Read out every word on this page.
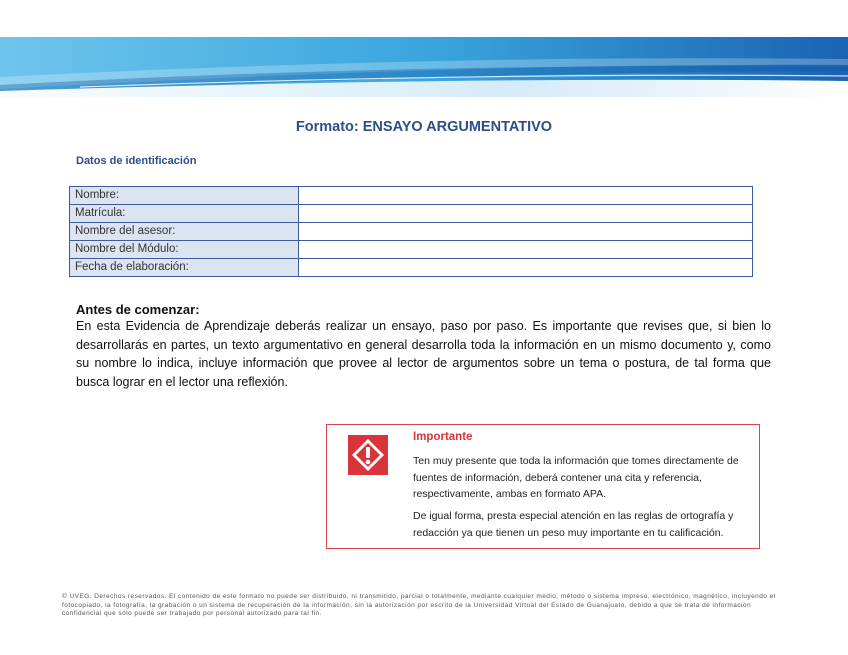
Formato: ENSAYO ARGUMENTATIVO
Datos de identificación
Nombre:	
Matrícula:	
Nombre del asesor:	
Nombre del Módulo:	
Fecha de elaboración:	
Antes de comenzar:

En esta Evidencia de Aprendizaje deberás realizar un ensayo, paso por paso. Es importante que revises que, si bien lo desarrollarás en partes, un texto argumentativo en general desarrolla toda la información en un mismo documento y, como su nombre lo indica, incluye información que provee al lector de argumentos sobre un tema o postura, de tal forma que busca lograr en el lector una reflexión.

Importante

Ten muy presente que toda la información que tomes directamente de fuentes de información, deberá contener una cita y referencia, respectivamente, ambas en formato APA.

De igual forma, presta especial atención en las reglas de ortografía y redacción ya que tienen un peso muy importante en tu calificación.

© UVEG. Derechos reservados. El contenido de este formato no puede ser distribuido, ni transmitido, parcial o totalmente, mediante cualquier medio, método o sistema impreso, electrónico, magnético, incluyendo el fotocopiado, la fotografía, la grabación o un sistema de recuperación de la información, sin la autorización por escrito de la Universidad Virtual del Estado de Guanajuato, debido a que se trata de información confidencial que sólo puede ser trabajado por personal autorizado para tal fin.
